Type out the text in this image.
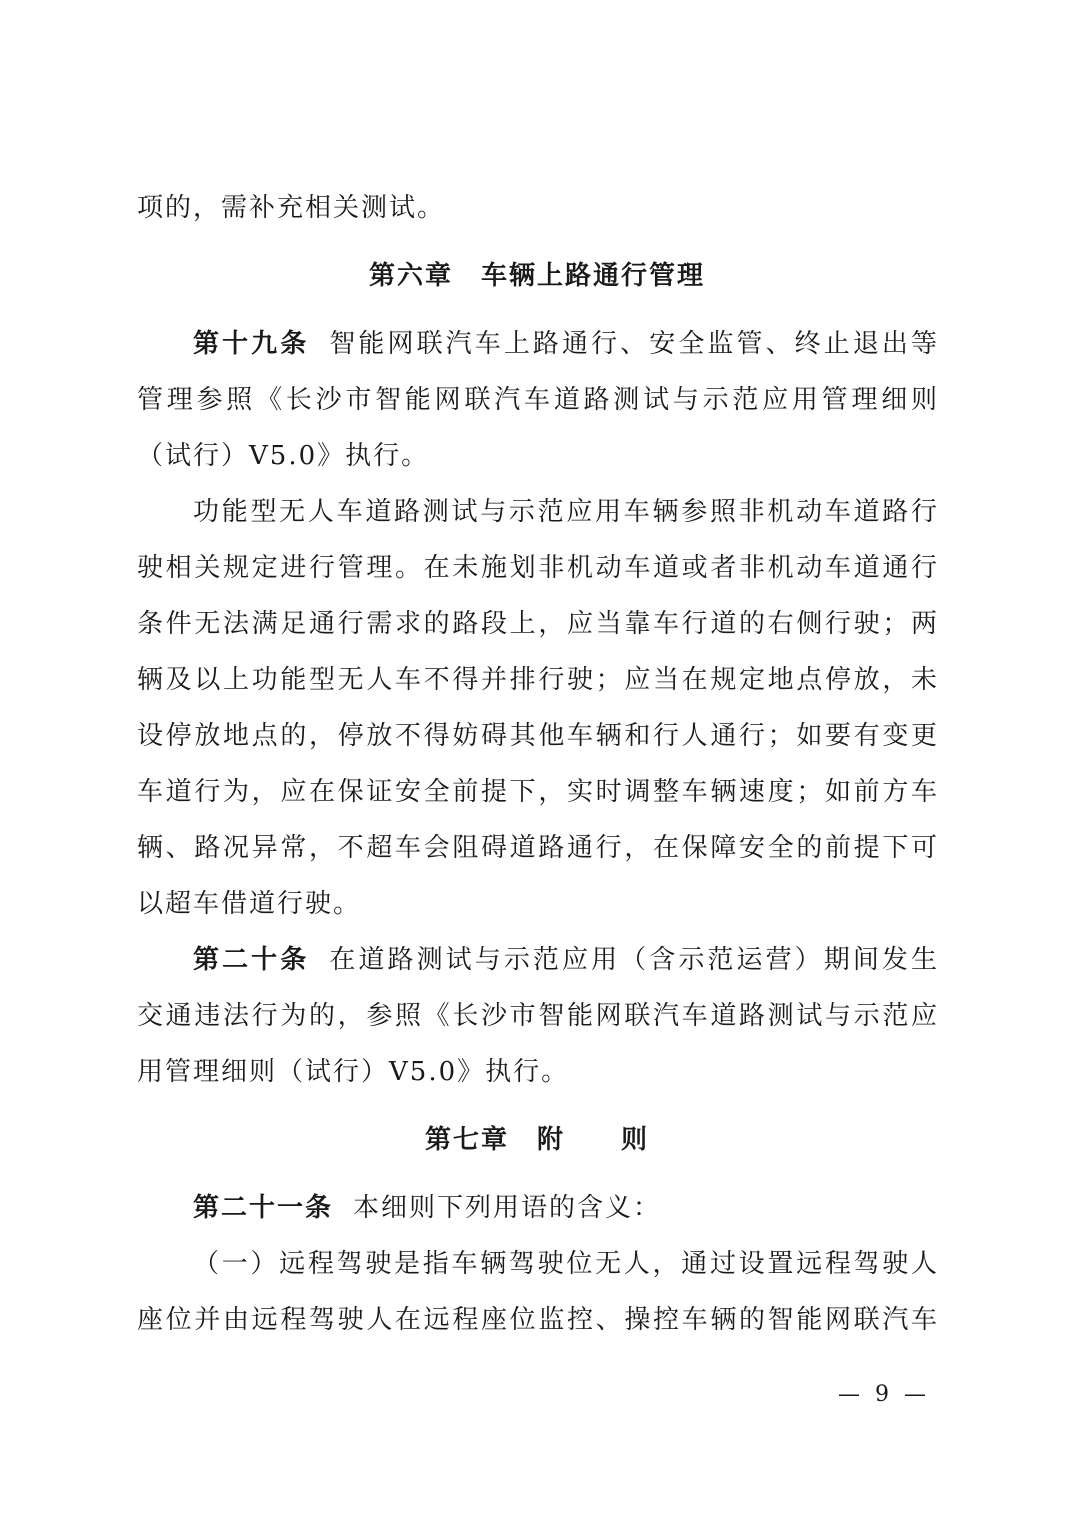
项的，需补充相关测试。
第六章　车辆上路通行管理
第十九条 智能网联汽车上路通行、安全监管、终止退出等
管理参照《长沙市智能网联汽车道路测试与示范应用管理细则
（试行）V5.0》执行。
功能型无人车道路测试与示范应用车辆参照非机动车道路行
驶相关规定进行管理。在未施划非机动车道或者非机动车道通行
条件无法满足通行需求的路段上，应当靠车行道的右侧行驶；两
辆及以上功能型无人车不得并排行驶；应当在规定地点停放，未
设停放地点的，停放不得妨碍其他车辆和行人通行；如要有变更
车道行为，应在保证安全前提下，实时调整车辆速度；如前方车
辆、路况异常，不超车会阻碍道路通行，在保障安全的前提下可
以超车借道行驶。
第二十条 在道路测试与示范应用（含示范运营）期间发生
交通违法行为的，参照《长沙市智能网联汽车道路测试与示范应
用管理细则（试行）V5.0》执行。
第七章　附　　则
第二十一条 本细则下列用语的含义：
（一）远程驾驶是指车辆驾驶位无人，通过设置远程驾驶人
座位并由远程驾驶人在远程座位监控、操控车辆的智能网联汽车
— 9 —
